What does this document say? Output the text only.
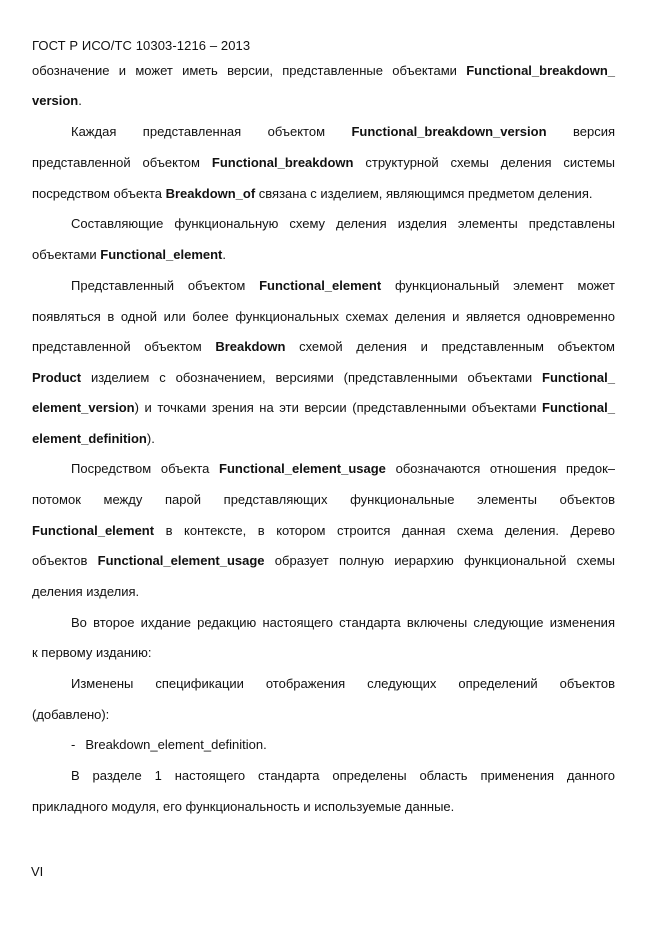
ГОСТ Р ИСО/ТС 10303-1216 – 2013
обозначение и может иметь версии, представленные объектами Functional_breakdown_
version.
Каждая представленная объектом Functional_breakdown_version версия
представленной объектом Functional_breakdown структурной схемы деления системы
посредством объекта Breakdown_of связана с изделием, являющимся предметом деления.
Составляющие функциональную схему деления изделия элементы представлены
объектами Functional_element.
Представленный объектом Functional_element функциональный элемент может
появляться в одной или более функциональных схемах деления и является одновременно
представленной объектом Breakdown схемой деления и представленным объектом
Product изделием с обозначением, версиями (представленными объектами Functional_
element_version) и точками зрения на эти версии (представленными объектами Functional_
element_definition).
Посредством объекта Functional_element_usage обозначаются отношения предок–
потомок между парой представляющих функциональные элементы объектов
Functional_element в контексте, в котором строится данная схема деления. Дерево
объектов Functional_element_usage образует полную иерархию функциональной схемы
деления изделия.
Во второе ихдание редакцию настоящего стандарта включены следующие изменения
к первому изданию:
Изменены спецификации отображения следующих определений объектов
(добавлено):
- Breakdown_element_definition.
В разделе 1 настоящего стандарта определены область применения данного
прикладного модуля, его функциональность и используемые данные.
VI
